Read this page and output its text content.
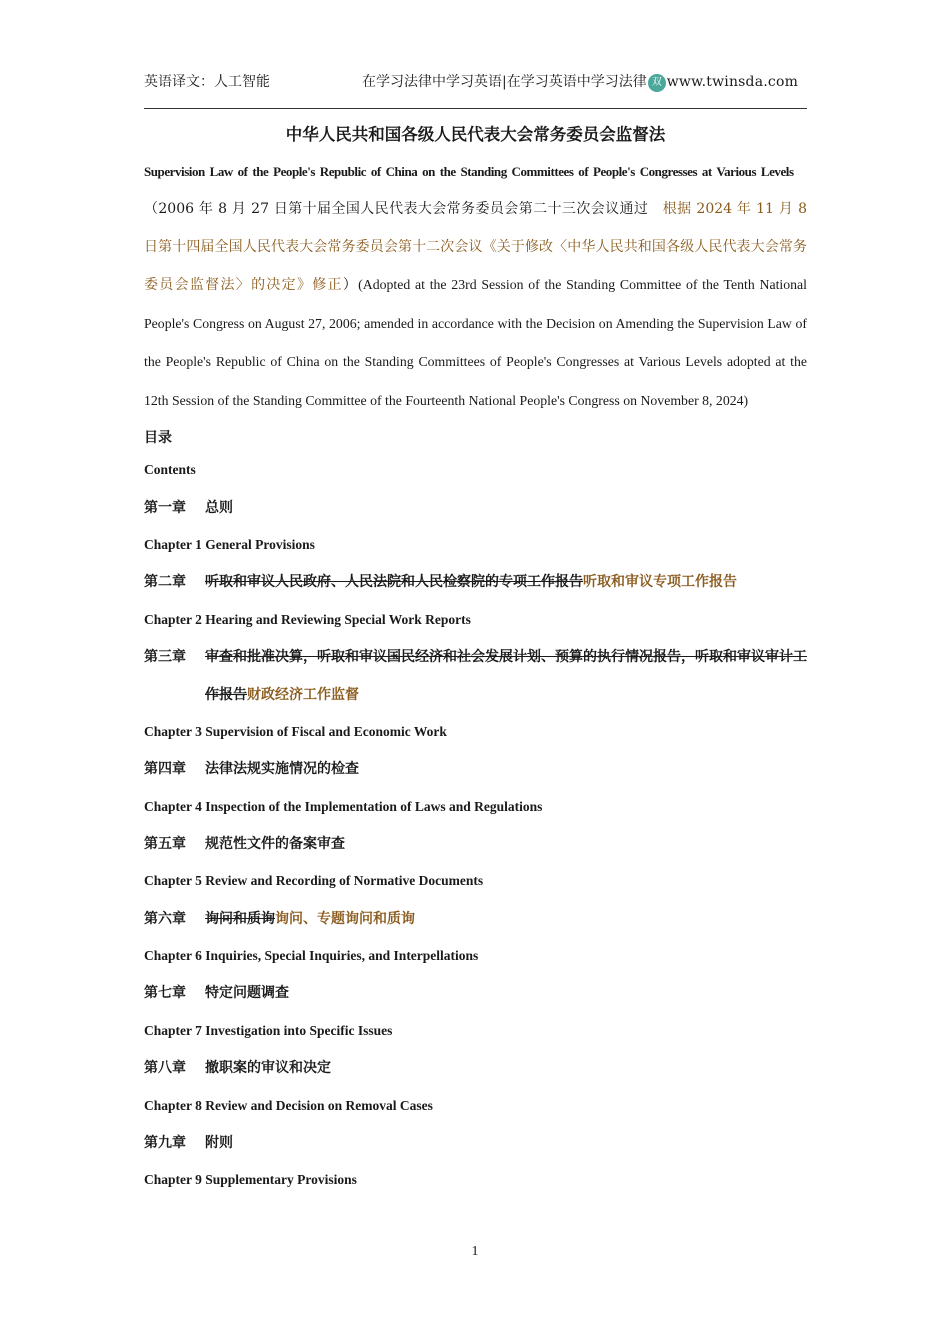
英语译文：人工智能	在学习法律中学习英语|在学习英语中学习法律 双 www.twinsda.com
中华人民共和国各级人民代表大会常务委员会监督法
Supervision Law of the People's Republic of China on the Standing Committees of People's Congresses at Various Levels
（2006 年 8 月 27 日第十届全国人民代表大会常务委员会第二十三次会议通过　根据 2024 年 11 月 8 日第十四届全国人民代表大会常务委员会第十二次会议《关于修改〈中华人民共和国各级人民代表大会常务委员会监督法〉的决定》修正）(Adopted at the 23rd Session of the Standing Committee of the Tenth National People's Congress on August 27, 2006; amended in accordance with the Decision on Amending the Supervision Law of the People's Republic of China on the Standing Committees of People's Congresses at Various Levels adopted at the 12th Session of the Standing Committee of the Fourteenth National People's Congress on November 8, 2024)
目录
Contents
第一章	总则
Chapter 1 General Provisions
第二章	听取和审议人民政府、人民法院和人民检察院的专项工作报告听取和审议专项工作报告
Chapter 2 Hearing and Reviewing Special Work Reports
第三章	审查和批准决算，听取和审议国民经济和社会发展计划、预算的执行情况报告，听取和审议审计工作报告财政经济工作监督
Chapter 3 Supervision of Fiscal and Economic Work
第四章	法律法规实施情况的检查
Chapter 4 Inspection of the Implementation of Laws and Regulations
第五章	规范性文件的备案审查
Chapter 5 Review and Recording of Normative Documents
第六章	询问和质询询问、专题询问和质询
Chapter 6 Inquiries, Special Inquiries, and Interpellations
第七章	特定问题调查
Chapter 7 Investigation into Specific Issues
第八章	撤职案的审议和决定
Chapter 8 Review and Decision on Removal Cases
第九章	附则
Chapter 9 Supplementary Provisions
1
